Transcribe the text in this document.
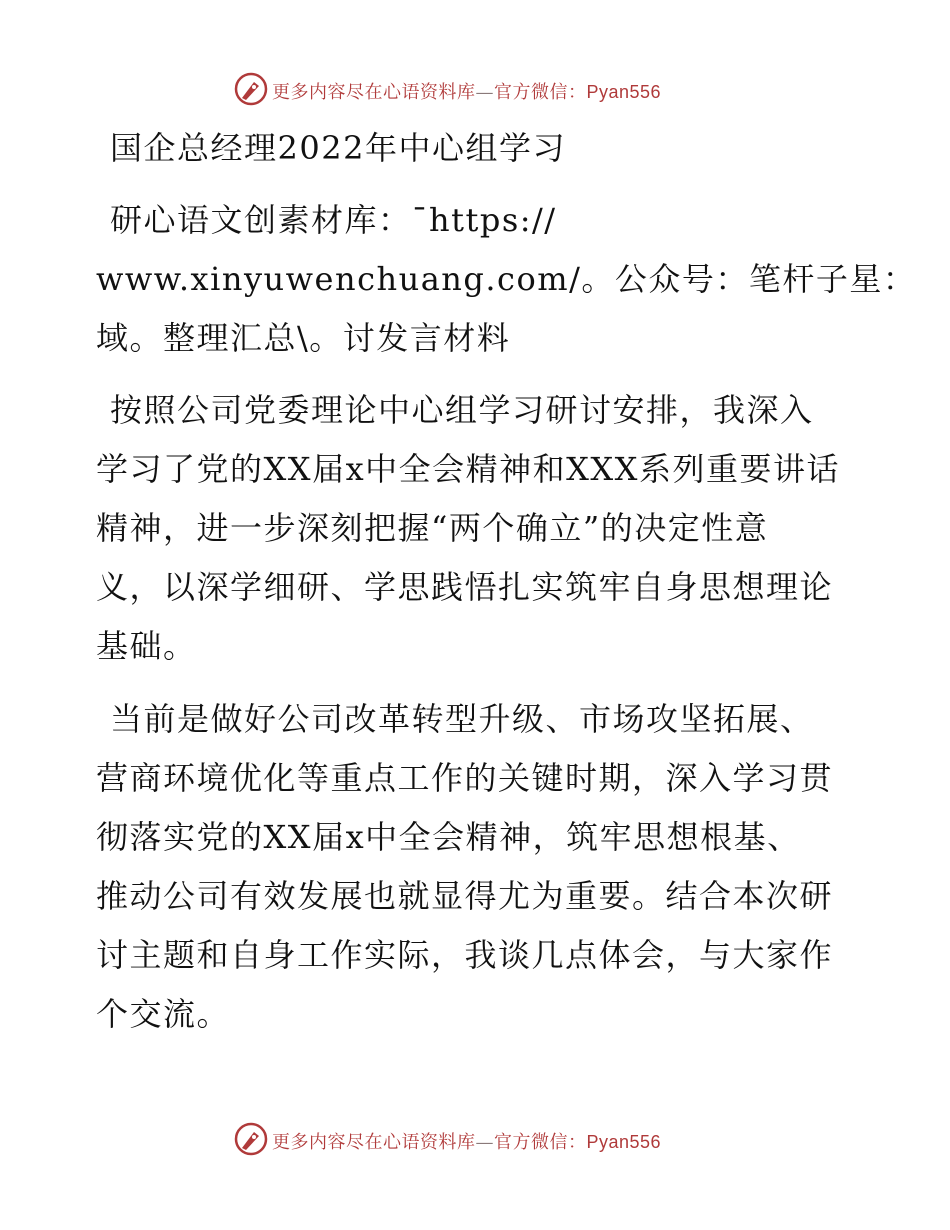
更多内容尽在心语资料库—官方微信：Pyan556
国企总经理2022年中心组学习
研心语文创素材库：¯https://
www.xinyuwenchuang.com/。公众号：笔杆子星：
域。整理汇总\。讨发言材料
按照公司党委理论中心组学习研讨安排，我深入
学习了党的XX届x中全会精神和XXX系列重要讲话
精神，进一步深刻把握“两个确立”的决定性意
义，以深学细研、学思践悟扎实筑牢自身思想理论
基础。
当前是做好公司改革转型升级、市场攻坚拓展、
营商环境优化等重点工作的关键时期，深入学习贯
彻落实党的XX届x中全会精神，筑牢思想根基、
推动公司有效发展也就显得尤为重要。结合本次研
讨主题和自身工作实际，我谈几点体会，与大家作
个交流。
更多内容尽在心语资料库—官方微信：Pyan556
